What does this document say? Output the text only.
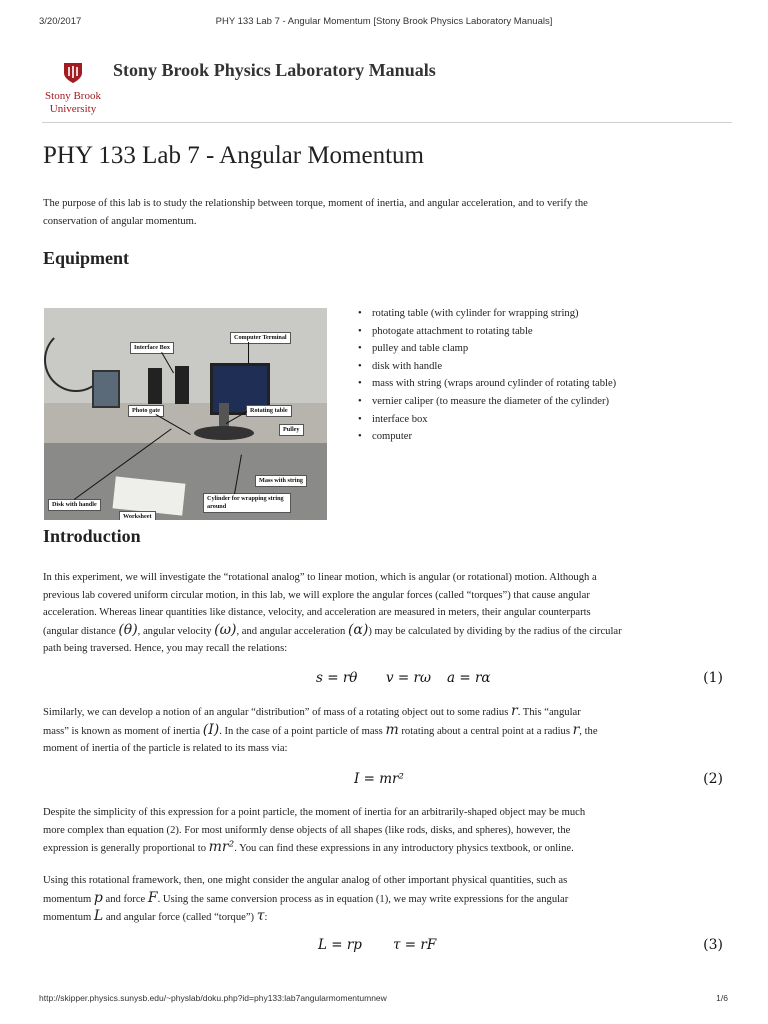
3/20/2017	PHY 133 Lab 7 - Angular Momentum [Stony Brook Physics Laboratory Manuals]
Stony Brook
University
Stony Brook Physics Laboratory Manuals
PHY 133 Lab 7 - Angular Momentum
The purpose of this lab is to study the relationship between torque, moment of inertia, and angular acceleration, and to verify the
conservation of angular momentum.
Equipment
Interface Box
Computer Terminal
Photo gate	Rotating table
Pulley
Mass with string
Disk with handle
Cylinder for wrapping string around
Worksheet
• rotating table (with cylinder for wrapping string)
• photogate attachment to rotating table
• pulley and table clamp
• disk with handle
• mass with string (wraps around cylinder of rotating table)
• vernier caliper (to measure the diameter of the cylinder)
• interface box
• computer
Introduction
In this experiment, we will investigate the “rotational analog” to linear motion, which is angular (or rotational) motion. Although a
previous lab covered uniform circular motion, in this lab, we will explore the angular forces (called “torques”) that cause angular
acceleration. Whereas linear quantities like distance, velocity, and acceleration are measured in meters, their angular counterparts
(angular distance (θ), angular velocity (ω), and angular acceleration (α)) may be calculated by dividing by the radius of the circular
path being traversed. Hence, you may recall the relations:
s = rθ v = rω a = rα	(1)
Similarly, we can develop a notion of an angular “distribution” of mass of a rotating object out to some radius r. This “angular
mass” is known as moment of inertia (I). In the case of a point particle of mass m rotating about a central point at a radius r, the
moment of inertia of the particle is related to its mass via:
I = mr²	(2)
Despite the simplicity of this expression for a point particle, the moment of inertia for an arbitrarily-shaped object may be much
more complex than equation (2). For most uniformly dense objects of all shapes (like rods, disks, and spheres), however, the
expression is generally proportional to mr². You can find these expressions in any introductory physics textbook, or online.
Using this rotational framework, then, one might consider the angular analog of other important physical quantities, such as
momentum p and force F. Using the same conversion process as in equation (1), we may write expressions for the angular
momentum L and angular force (called “torque”) τ:
L = rp τ = rF	(3)
http://skipper.physics.sunysb.edu/~physlab/doku.php?id=phy133:lab7angularmomentumnew	1/6
